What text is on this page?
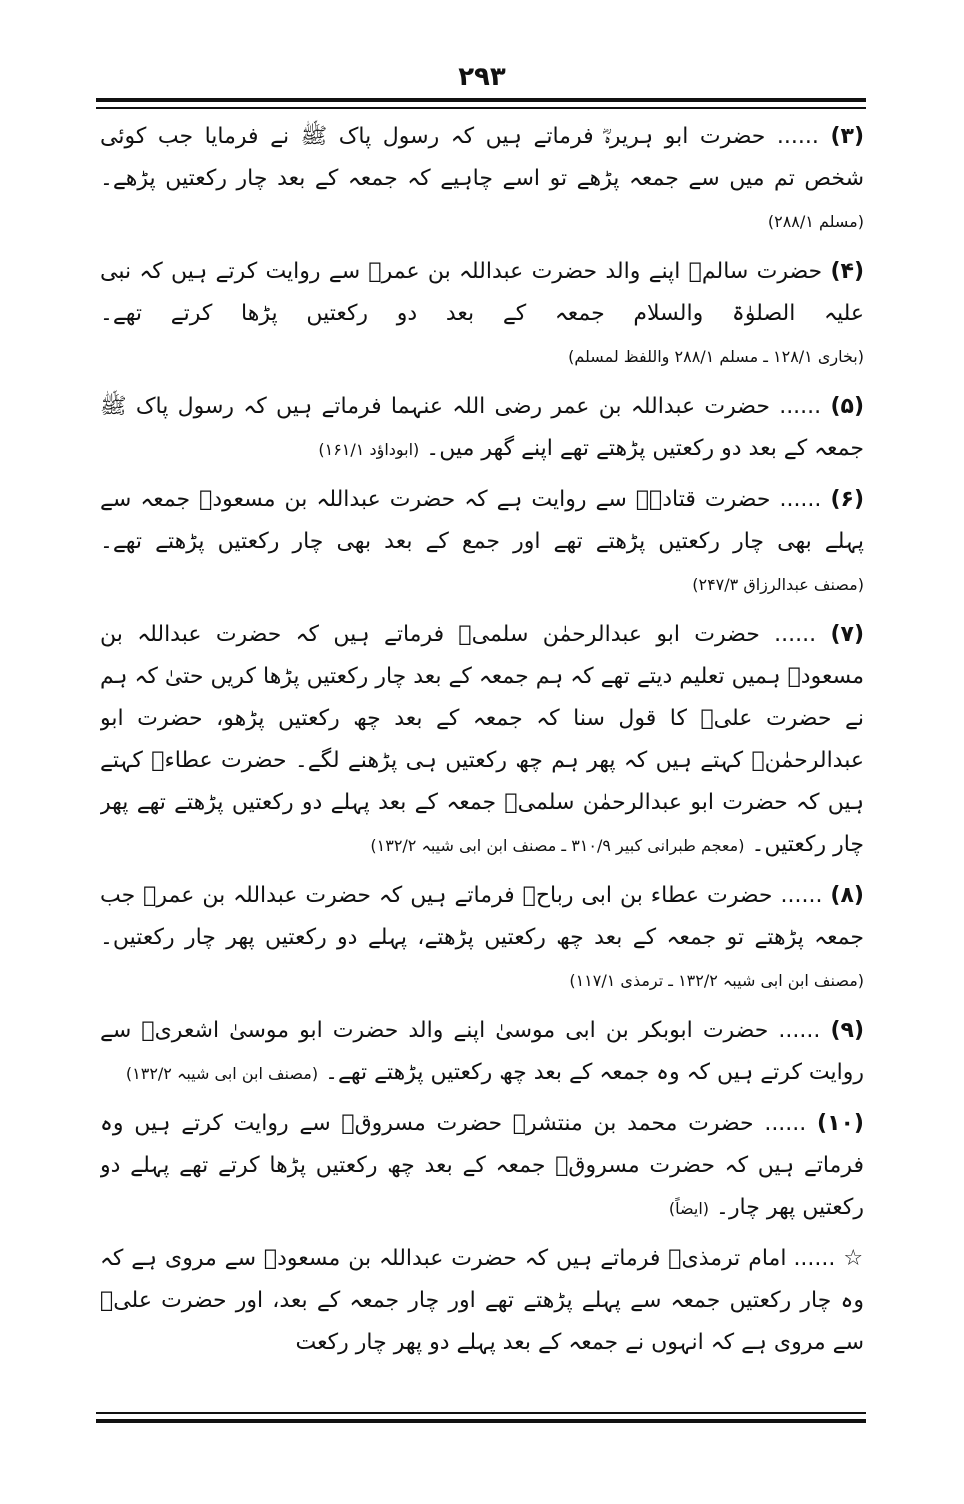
۲۹۳

(۳) ...... حضرت ابو ہریرہؓ فرماتے ہیں کہ رسول پاک ﷺ نے فرمایا جب کوئی شخص تم میں سے جمعہ پڑھے تو اسے چاہیے کہ جمعہ کے بعد چار رکعتیں پڑھے۔ (مسلم ۲۸۸/۱)

(۴) حضرت سالمؒ اپنے والد حضرت عبداللہ بن عمرؓ سے روایت کرتے ہیں کہ نبی علیہ الصلوٰۃ والسلام جمعہ کے بعد دو رکعتیں پڑھا کرتے تھے۔ (بخاری ۱۲۸/۱ ـ مسلم ۲۸۸/۱ واللفظ لمسلم)

(۵) ...... حضرت عبداللہ بن عمر رضی اللہ عنہما فرماتے ہیں کہ رسول پاک ﷺ جمعہ کے بعد دو رکعتیں پڑھتے تھے اپنے گھر میں۔ (ابوداؤد ۱۶۱/۱)

(۶) ...... حضرت قتادہؒ سے روایت ہے کہ حضرت عبداللہ بن مسعودؓ جمعہ سے پہلے بھی چار رکعتیں پڑھتے تھے اور جمع کے بعد بھی چار رکعتیں پڑھتے تھے۔ (مصنف عبدالرزاق ۲۴۷/۳)

(۷) ...... حضرت ابو عبدالرحمٰن سلمیؒ فرماتے ہیں کہ حضرت عبداللہ بن مسعودؓ ہمیں تعلیم دیتے تھے کہ ہم جمعہ کے بعد چار رکعتیں پڑھا کریں حتیٰ کہ ہم نے حضرت علیؓ کا قول سنا کہ جمعہ کے بعد چھ رکعتیں پڑھو، حضرت ابو عبدالرحمٰنؒ کہتے ہیں کہ پھر ہم چھ رکعتیں ہی پڑھنے لگے۔ حضرت عطاءؒ کہتے ہیں کہ حضرت ابو عبدالرحمٰن سلمیؒ جمعہ کے بعد پہلے دو رکعتیں پڑھتے تھے پھر چار رکعتیں۔ (معجم طبرانی کبیر ۳۱۰/۹ ـ مصنف ابن ابی شیبہ ۱۳۲/۲)

(۸) ...... حضرت عطاء بن ابی رباحؒ فرماتے ہیں کہ حضرت عبداللہ بن عمرؓ جب جمعہ پڑھتے تو جمعہ کے بعد چھ رکعتیں پڑھتے، پہلے دو رکعتیں پھر چار رکعتیں۔ (مصنف ابن ابی شیبہ ۱۳۲/۲ ـ ترمذی ۱۱۷/۱)

(۹) ...... حضرت ابوبکر بن ابی موسیٰ اپنے والد حضرت ابو موسیٰ اشعریؓ سے روایت کرتے ہیں کہ وہ جمعہ کے بعد چھ رکعتیں پڑھتے تھے۔ (مصنف ابن ابی شیبہ ۱۳۲/۲)

(۱۰) ...... حضرت محمد بن منتشرؒ حضرت مسروقؒ سے روایت کرتے ہیں وہ فرماتے ہیں کہ حضرت مسروقؒ جمعہ کے بعد چھ رکعتیں پڑھا کرتے تھے پہلے دو رکعتیں پھر چار۔ (ایضاً)

☆ ...... امام ترمذیؒ فرماتے ہیں کہ حضرت عبداللہ بن مسعودؓ سے مروی ہے کہ وہ چار رکعتیں جمعہ سے پہلے پڑھتے تھے اور چار جمعہ کے بعد، اور حضرت علیؓ سے مروی ہے کہ انہوں نے جمعہ کے بعد پہلے دو پھر چار رکعت
